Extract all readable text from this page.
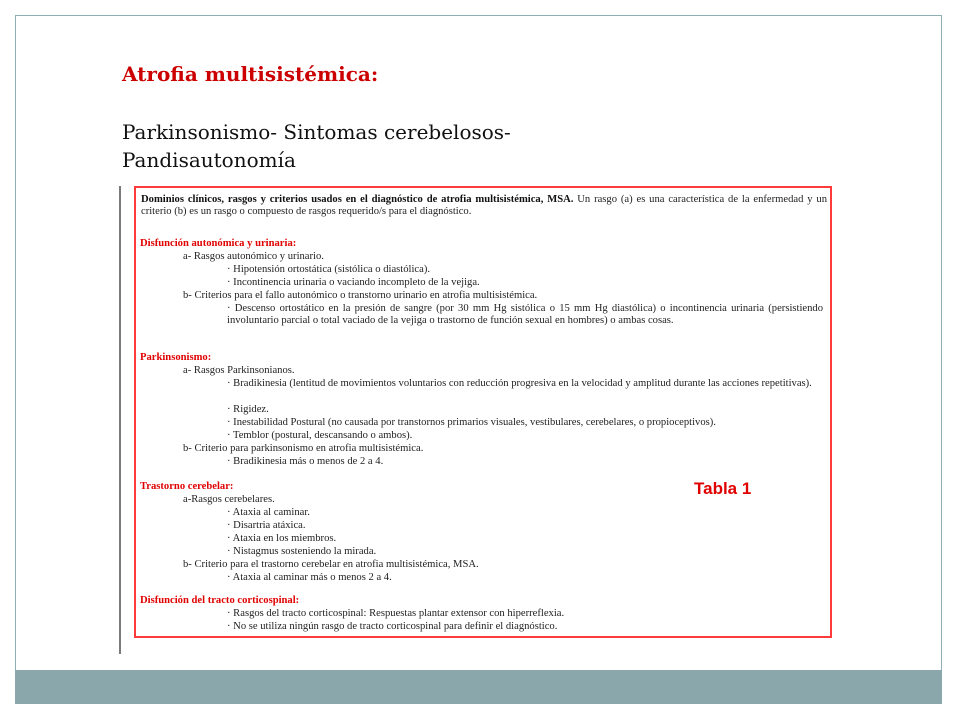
Atrofia multisistémica:

Parkinsonismo- Sintomas cerebelosos- Pandisautonomía

Dominios clínicos, rasgos y criterios usados en el diagnóstico de atrofia multisistémica, MSA. Un rasgo (a) es una característica de la enfermedad y un criterio (b) es un rasgo o compuesto de rasgos requerido/s para el diagnóstico.
Disfunción autonómica y urinaria:
a- Rasgos autonómico y urinario.
· Hipotensión ortostática (sistólica o diastólica).
· Incontinencia urinaria o vaciando incompleto de la vejiga.
b- Criterios para el fallo autonómico o transtorno urinario en atrofia multisistémica.
· Descenso ortostático en la presión de sangre (por 30 mm Hg sistólica o 15 mm Hg diastólica) o incontinencia urinaria (persistiendo involuntario parcial o total vaciado de la vejiga o trastorno de función sexual en hombres) o ambas cosas.
Parkinsonismo:
a- Rasgos Parkinsonianos.
· Bradikinesia (lentitud de movimientos voluntarios con reducción progresiva en la velocidad y amplitud durante las acciones repetitivas).
· Rigidez.
· Inestabilidad Postural (no causada por transtornos primarios visuales, vestibulares, cerebelares, o propioceptivos).
· Temblor (postural, descansando o ambos).
b- Criterio para parkinsonismo en atrofia multisistémica.
· Bradikinesia más o menos de 2 a 4.
Trastorno cerebelar:
a-Rasgos cerebelares.
· Ataxia al caminar.
· Disartria atáxica.
· Ataxia en los miembros.
· Nistagmus sosteniendo la mirada.
b- Criterio para el trastorno cerebelar en atrofia multisistémica, MSA.
· Ataxia al caminar más o menos 2 a 4.
Disfunción del tracto corticospinal:
· Rasgos del tracto corticospinal: Respuestas plantar extensor con hiperreflexia.
· No se utiliza ningún rasgo de tracto corticospinal para definir el diagnóstico.
Tabla 1
